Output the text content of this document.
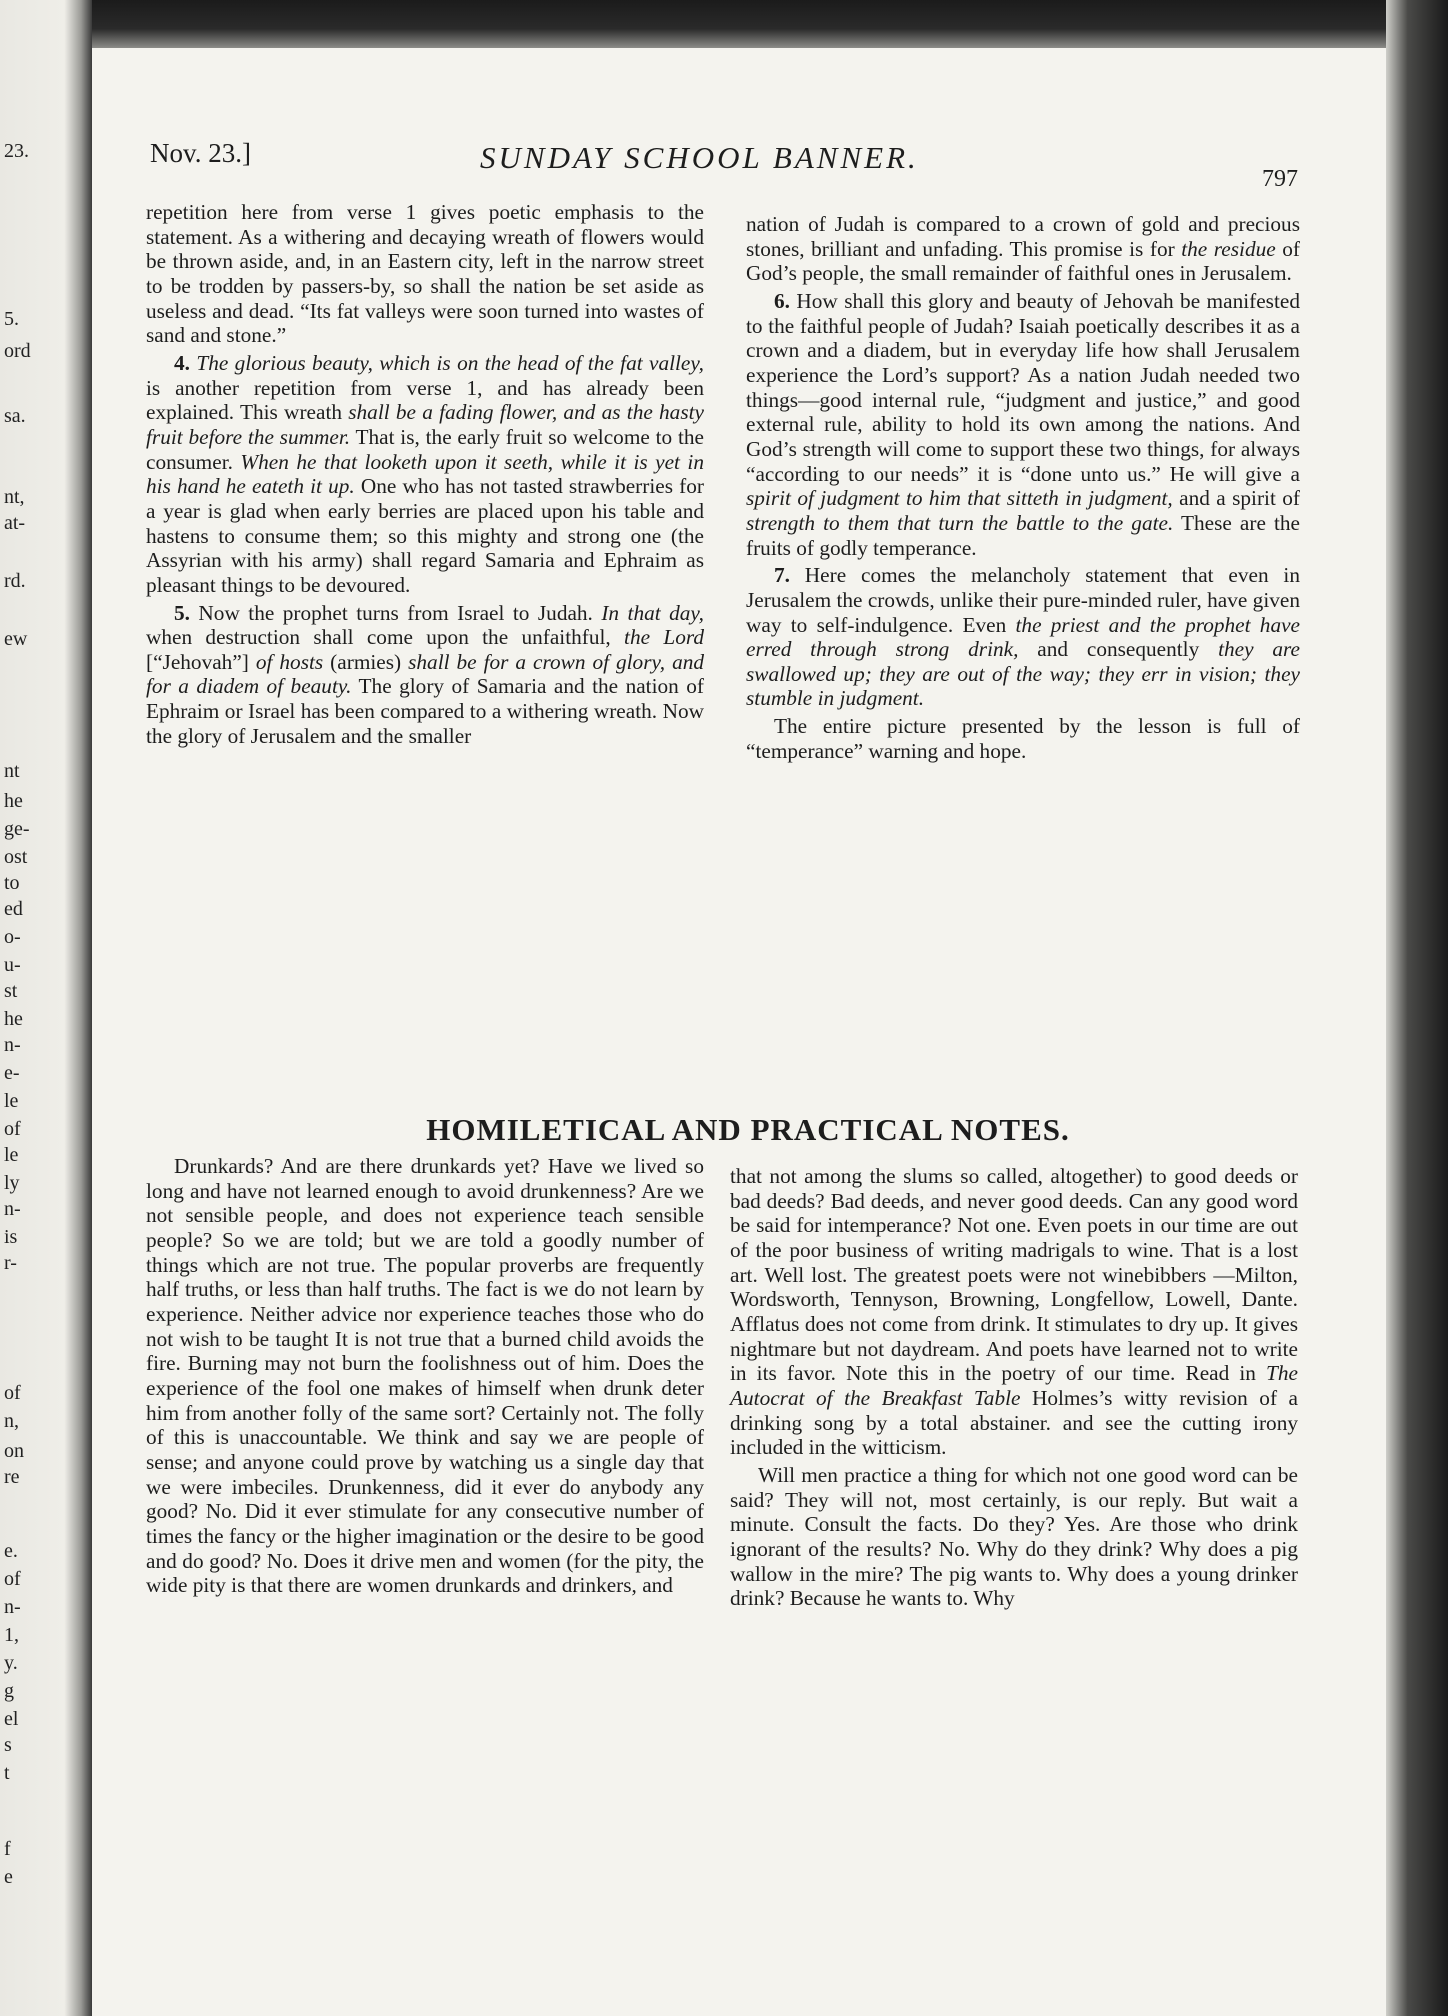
23.
5.
ord
sa.
nt,
at-
rd.
ew
nt
he
ge-
ost
to
ed
o-
u-
st
he
n-
e-
le
of
le
ly
n-
is
r-
of
n,
on
re
e.
of
n-
1,
y.
g
el
s
t
f
e
Nov. 23.]	SUNDAY SCHOOL BANNER.
797

repetition here from verse 1 gives poetic emphasis to the statement. As a withering and decaying wreath of flowers would be thrown aside, and, in an Eastern city, left in the narrow street to be trodden by passers-by, so shall the nation be set aside as useless and dead. “Its fat valleys were soon turned into wastes of sand and stone.”

4. The glorious beauty, which is on the head of the fat valley, is another repetition from verse 1, and has already been explained. This wreath shall be a fading flower, and as the hasty fruit before the summer. That is, the early fruit so welcome to the consumer. When he that looketh upon it seeth, while it is yet in his hand he eateth it up. One who has not tasted strawberries for a year is glad when early berries are placed upon his table and hastens to consume them; so this mighty and strong one (the Assyrian with his army) shall regard Samaria and Ephraim as pleasant things to be devoured.

5. Now the prophet turns from Israel to Judah. In that day, when destruction shall come upon the unfaithful, the Lord [“Jehovah”] of hosts (armies) shall be for a crown of glory, and for a diadem of beauty. The glory of Samaria and the nation of Ephraim or Israel has been compared to a withering wreath. Now the glory of Jerusalem and the smaller

nation of Judah is compared to a crown of gold and precious stones, brilliant and unfading. This promise is for the residue of God’s people, the small remainder of faithful ones in Jerusalem.

6. How shall this glory and beauty of Jehovah be manifested to the faithful people of Judah? Isaiah poetically describes it as a crown and a diadem, but in everyday life how shall Jerusalem experience the Lord’s support? As a nation Judah needed two things—good internal rule, “judgment and justice,” and good external rule, ability to hold its own among the nations. And God’s strength will come to support these two things, for always “according to our needs” it is “done unto us.” He will give a spirit of judgment to him that sitteth in judgment, and a spirit of strength to them that turn the battle to the gate. These are the fruits of godly temperance.

7. Here comes the melancholy statement that even in Jerusalem the crowds, unlike their pure-minded ruler, have given way to self-indulgence. Even the priest and the prophet have erred through strong drink, and consequently they are swallowed up; they are out of the way; they err in vision; they stumble in judgment.

The entire picture presented by the lesson is full of “temperance” warning and hope.

HOMILETICAL AND PRACTICAL NOTES.

Drunkards? And are there drunkards yet? Have we lived so long and have not learned enough to avoid drunkenness? Are we not sensible people, and does not experience teach sensible people? So we are told; but we are told a goodly number of things which are not true. The popular proverbs are frequently half truths, or less than half truths. The fact is we do not learn by experience. Neither advice nor experience teaches those who do not wish to be taught It is not true that a burned child avoids the fire. Burning may not burn the foolishness out of him. Does the experience of the fool one makes of himself when drunk deter him from another folly of the same sort? Certainly not. The folly of this is unaccountable. We think and say we are people of sense; and anyone could prove by watching us a single day that we were imbeciles. Drunkenness, did it ever do anybody any good? No. Did it ever stimulate for any consecutive number of times the fancy or the higher imagination or the desire to be good and do good? No. Does it drive men and women (for the pity, the wide pity is that there are women drunkards and drinkers, and

that not among the slums so called, altogether) to good deeds or bad deeds? Bad deeds, and never good deeds. Can any good word be said for intemperance? Not one. Even poets in our time are out of the poor business of writing madrigals to wine. That is a lost art. Well lost. The greatest poets were not winebibbers —Milton, Wordsworth, Tennyson, Browning, Longfellow, Lowell, Dante. Afflatus does not come from drink. It stimulates to dry up. It gives nightmare but not daydream. And poets have learned not to write in its favor. Note this in the poetry of our time. Read in The Autocrat of the Breakfast Table Holmes’s witty revision of a drinking song by a total abstainer. and see the cutting irony included in the witticism.

Will men practice a thing for which not one good word can be said? They will not, most certainly, is our reply. But wait a minute. Consult the facts. Do they? Yes. Are those who drink ignorant of the results? No. Why do they drink? Why does a pig wallow in the mire? The pig wants to. Why does a young drinker drink? Because he wants to. Why
